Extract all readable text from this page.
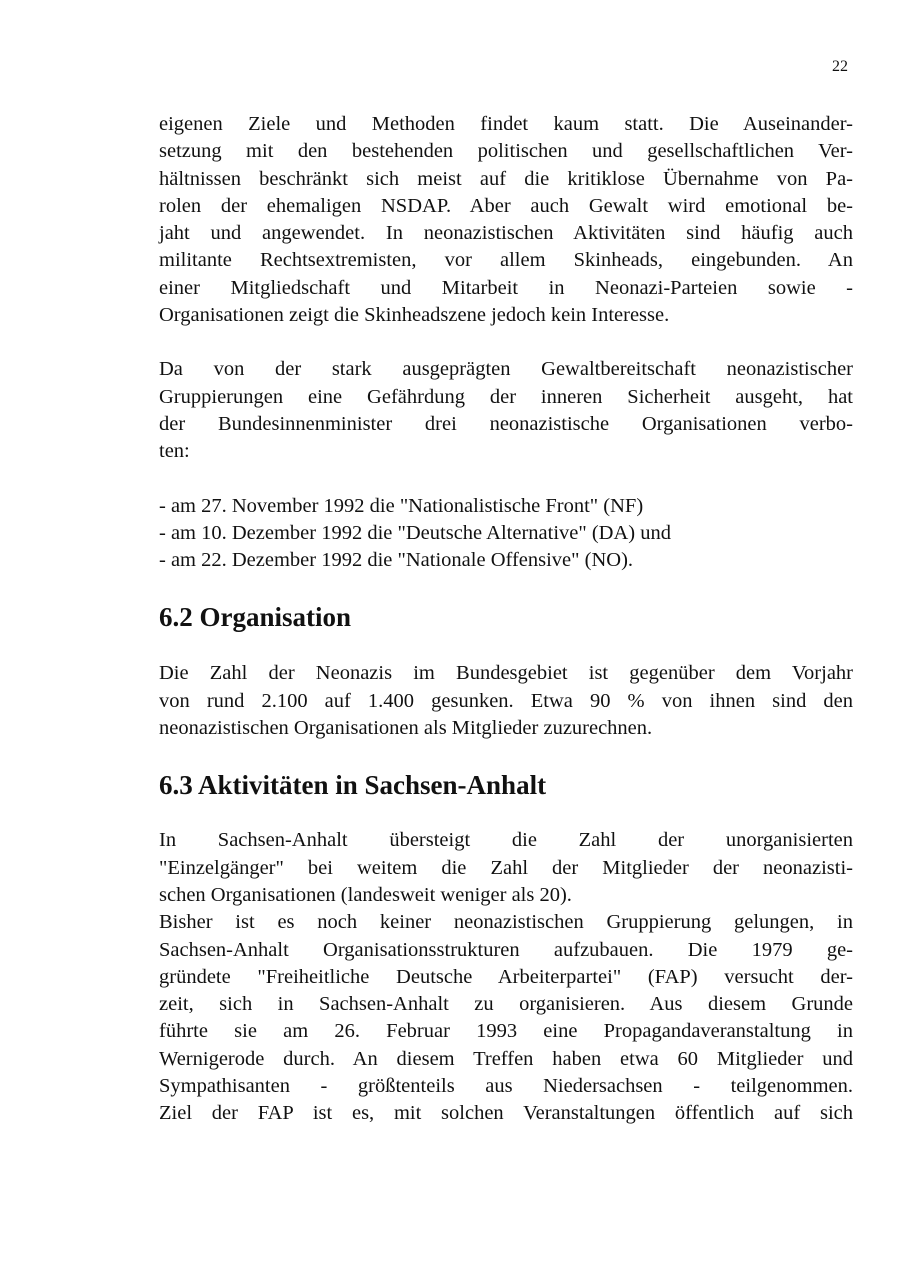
22

eigenen Ziele und Methoden findet kaum statt. Die Auseinander-
setzung mit den bestehenden politischen und gesellschaftlichen Ver-
hältnissen beschränkt sich meist auf die kritiklose Übernahme von Pa-
rolen der ehemaligen NSDAP. Aber auch Gewalt wird emotional be-
jaht und angewendet. In neonazistischen Aktivitäten sind häufig auch
militante Rechtsextremisten, vor allem Skinheads, eingebunden. An
einer Mitgliedschaft und Mitarbeit in Neonazi-Parteien sowie -
Organisationen zeigt die Skinheadszene jedoch kein Interesse.

Da von der stark ausgeprägten Gewaltbereitschaft neonazistischer
Gruppierungen eine Gefährdung der inneren Sicherheit ausgeht, hat
der Bundesinnenminister drei neonazistische Organisationen verbo-
ten:

- am 27. November 1992 die "Nationalistische Front" (NF)
- am 10. Dezember 1992 die "Deutsche Alternative" (DA) und
- am 22. Dezember 1992 die "Nationale Offensive" (NO).
6.2 Organisation

Die Zahl der Neonazis im Bundesgebiet ist gegenüber dem Vorjahr
von rund 2.100 auf 1.400 gesunken. Etwa 90 % von ihnen sind den
neonazistischen Organisationen als Mitglieder zuzurechnen.

6.3 Aktivitäten in Sachsen-Anhalt

In Sachsen-Anhalt übersteigt die Zahl der unorganisierten
"Einzelgänger" bei weitem die Zahl der Mitglieder der neonazisti-
schen Organisationen (landesweit weniger als 20).

Bisher ist es noch keiner neonazistischen Gruppierung gelungen, in
Sachsen-Anhalt Organisationsstrukturen aufzubauen. Die 1979 ge-
gründete "Freiheitliche Deutsche Arbeiterpartei" (FAP) versucht der-
zeit, sich in Sachsen-Anhalt zu organisieren. Aus diesem Grunde
führte sie am 26. Februar 1993 eine Propagandaveranstaltung in
Wernigerode durch. An diesem Treffen haben etwa 60 Mitglieder und
Sympathisanten - größtenteils aus Niedersachsen - teilgenommen.
Ziel der FAP ist es, mit solchen Veranstaltungen öffentlich auf sich
